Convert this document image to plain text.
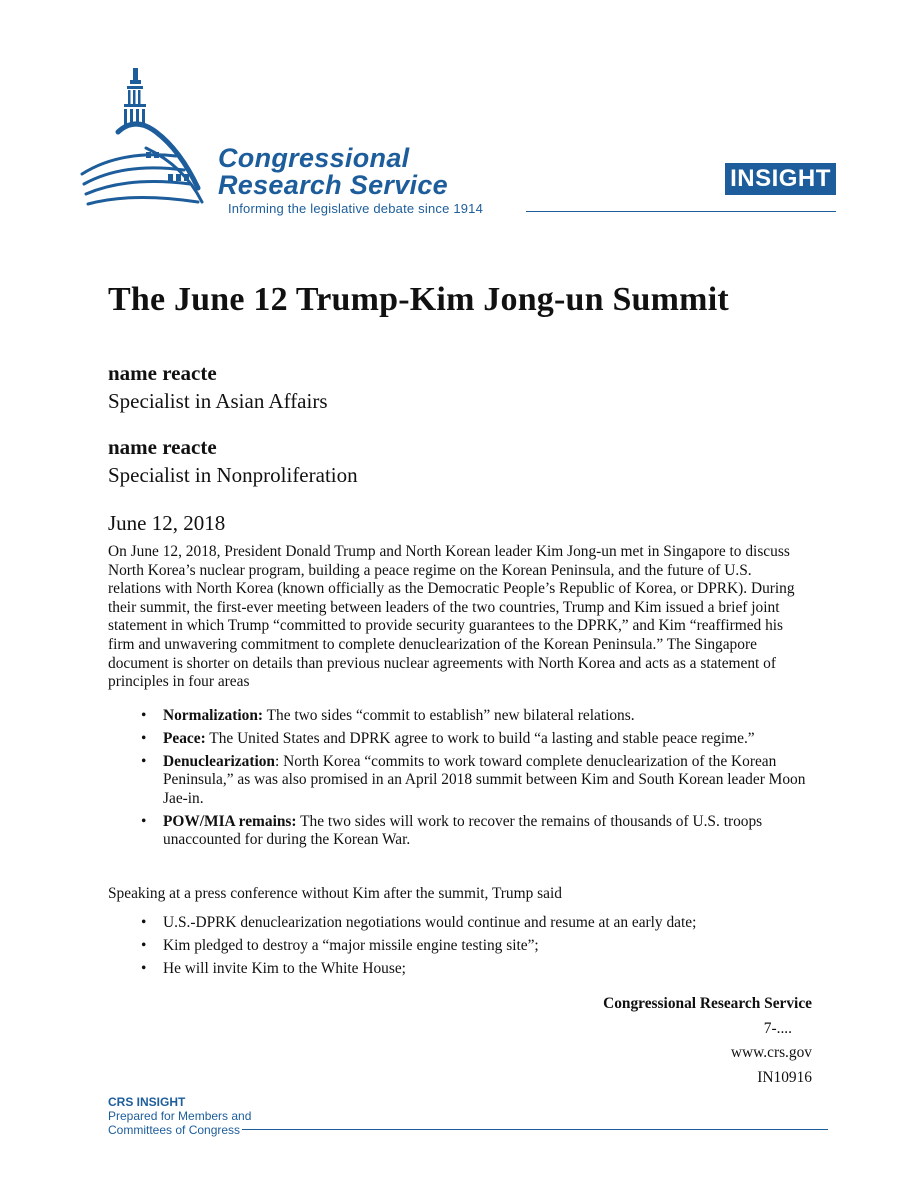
Congressional
Research Service
Informing the legislative debate since 1914
INSIGHT
The June 12 Trump-Kim Jong-un Summit
name reacte
Specialist in Asian Affairs
name reacte
Specialist in Nonproliferation
June 12, 2018

On June 12, 2018, President Donald Trump and North Korean leader Kim Jong-un met in Singapore to discuss North Korea’s nuclear program, building a peace regime on the Korean Peninsula, and the future of U.S. relations with North Korea (known officially as the Democratic People’s Republic of Korea, or DPRK). During their summit, the first-ever meeting between leaders of the two countries, Trump and Kim issued a brief joint statement in which Trump “committed to provide security guarantees to the DPRK,” and Kim “reaffirmed his firm and unwavering commitment to complete denuclearization of the Korean Peninsula.” The Singapore document is shorter on details than previous nuclear agreements with North Korea and acts as a statement of principles in four areas

• Normalization: The two sides “commit to establish” new bilateral relations.
• Peace: The United States and DPRK agree to work to build “a lasting and stable peace regime.”
• Denuclearization: North Korea “commits to work toward complete denuclearization of the Korean Peninsula,” as was also promised in an April 2018 summit between Kim and South Korean leader Moon Jae-in.
• POW/MIA remains: The two sides will work to recover the remains of thousands of U.S. troops unaccounted for during the Korean War.

Speaking at a press conference without Kim after the summit, Trump said

• U.S.-DPRK denuclearization negotiations would continue and resume at an early date;
• Kim pledged to destroy a “major missile engine testing site”;
• He will invite Kim to the White House;
Congressional Research Service
7-....
www.crs.gov
IN10916
CRS INSIGHT
Prepared for Members and
Committees of Congress
